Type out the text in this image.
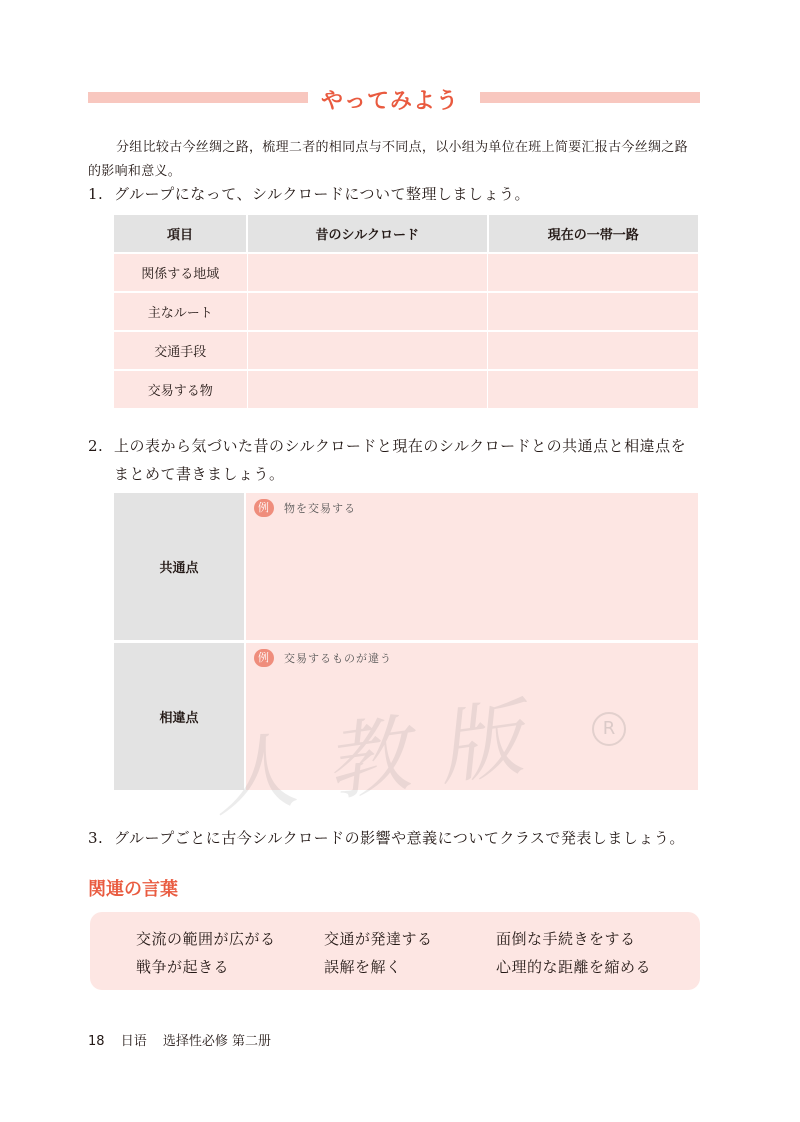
やってみよう
分组比较古今丝绸之路，梳理二者的相同点与不同点，以小组为单位在班上简要汇报古今丝绸之路的影响和意义。
1. グループになって、シルクロードについて整理しましょう。
項目	昔のシルクロード	現在の一帯一路
関係する地域		
主なルート		
交通手段		
交易する物		
2. 上の表から気づいた昔のシルクロードと現在のシルクロードとの共通点と相違点を
まとめて書きましょう。
共通点
例	物を交易する
相違点
例	交易するものが違う
人教版	R
3. グループごとに古今シルクロードの影響や意義についてクラスで発表しましょう。
関連の言葉
交流の範囲が広がる	交通が発達する	面倒な手続きをする
戦争が起きる	誤解を解く	心理的な距離を縮める
18 日语 选择性必修 第二册
